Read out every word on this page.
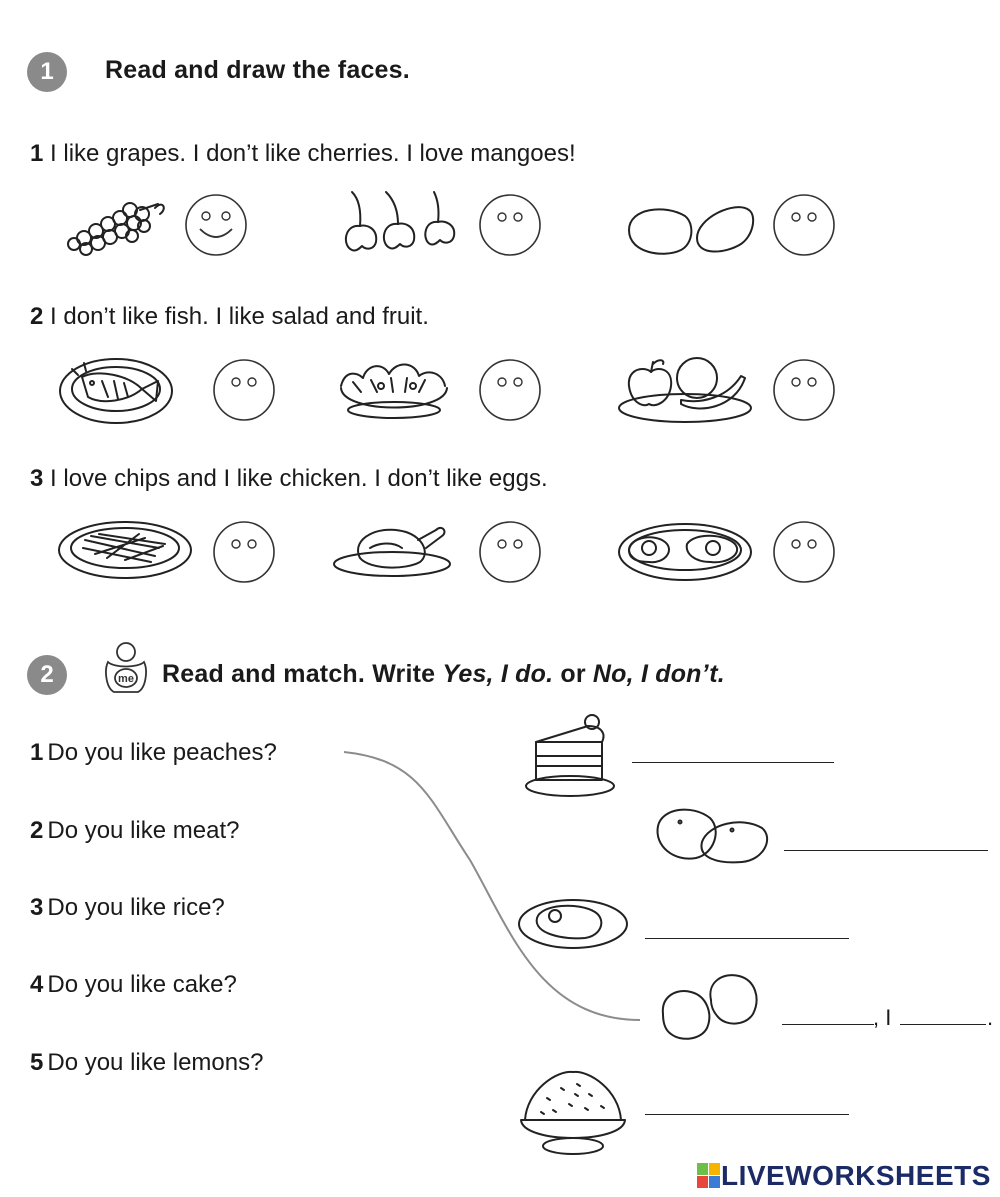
1	Read and draw the faces.
1 I like grapes. I don’t like cherries. I love mangoes!
2 I don’t like fish. I like salad and fruit.
3 I love chips and I like chicken. I don’t like eggs.
2	me Read and match. Write Yes, I do. or No, I don’t.
1 Do you like peaches?
2 Do you like meat?
3 Do you like rice?
4 Do you like cake?
5 Do you like lemons?
, I	.
LIVEWORKSHEETS
